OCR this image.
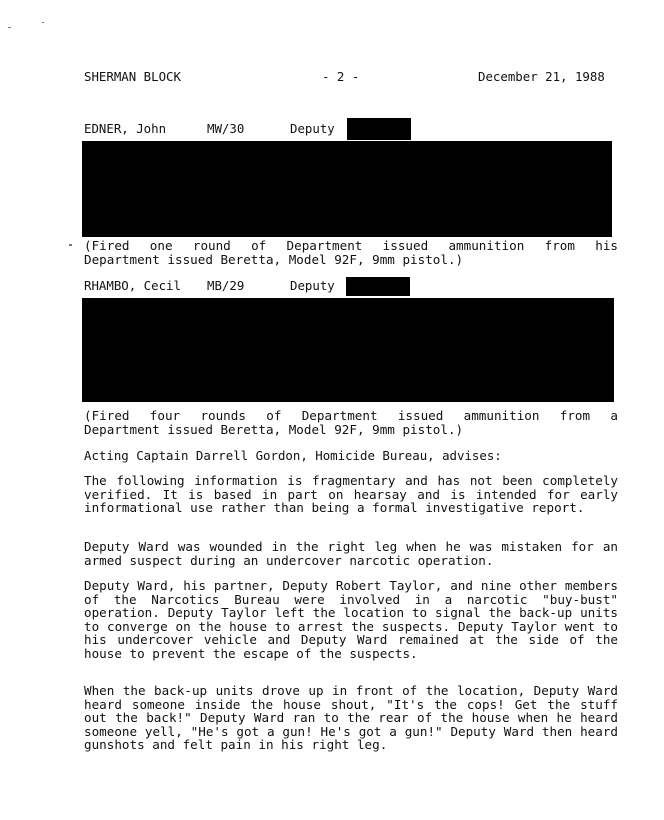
SHERMAN BLOCK	- 2 -	December 21, 1988
EDNER, John	MW/30	Deputy
(Fired one round of Department issued ammunition from his
Department issued Beretta, Model 92F, 9mm pistol.)
RHAMBO, Cecil MB/29	Deputy
(Fired four rounds of Department issued ammunition from a
Department issued Beretta, Model 92F, 9mm pistol.)
Acting Captain Darrell Gordon, Homicide Bureau, advises:
The following information is fragmentary and has not been completely verified. It is based in part on hearsay and is intended for early informational use rather than being a formal investigative report.
Deputy Ward was wounded in the right leg when he was mistaken for an armed suspect during an undercover narcotic operation.
Deputy Ward, his partner, Deputy Robert Taylor, and nine other members of the Narcotics Bureau were involved in a narcotic "buy-bust" operation. Deputy Taylor left the location to signal the back-up units to converge on the house to arrest the suspects. Deputy Taylor went to his undercover vehicle and Deputy Ward remained at the side of the house to prevent the escape of the suspects.
When the back-up units drove up in front of the location, Deputy Ward heard someone inside the house shout, "It's the cops! Get the stuff out the back!" Deputy Ward ran to the rear of the house when he heard someone yell, "He's got a gun! He's got a gun!" Deputy Ward then heard gunshots and felt pain in his right leg.
